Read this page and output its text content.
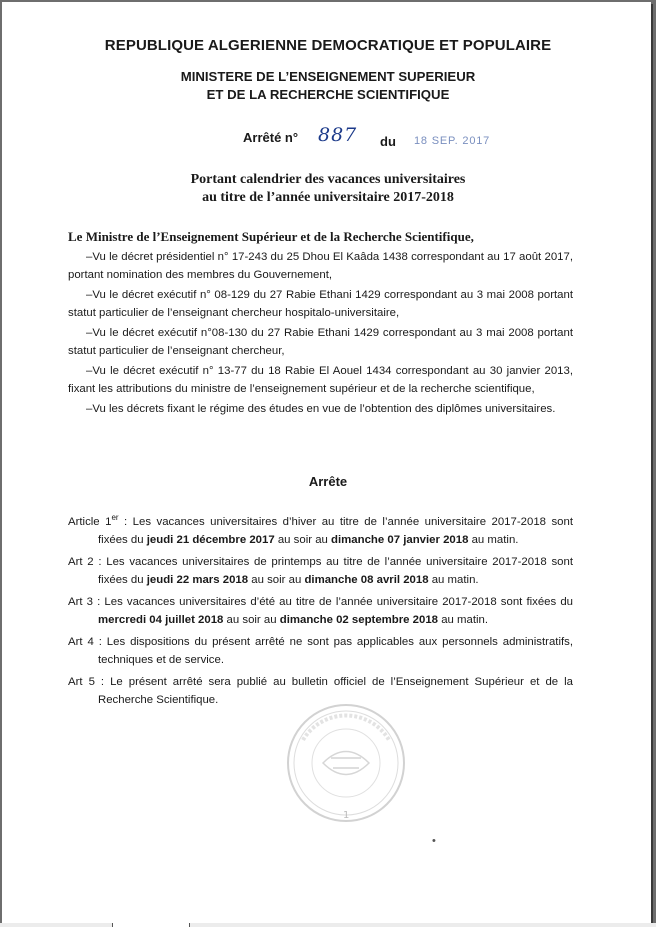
REPUBLIQUE ALGERIENNE DEMOCRATIQUE ET POPULAIRE
MINISTERE DE L’ENSEIGNEMENT SUPERIEUR
ET DE LA RECHERCHE SCIENTIFIQUE
Arrêté n° 887 du 18 SEP. 2017
Portant calendrier des vacances universitaires
au titre de l’année universitaire 2017-2018
Le Ministre de l’Enseignement Supérieur et de la Recherche Scientifique,

–Vu le décret présidentiel n° 17-243 du 25 Dhou El Kaâda 1438 correspondant au 17 août 2017, portant nomination des membres du Gouvernement,

–Vu le décret exécutif n° 08-129 du 27 Rabie Ethani 1429 correspondant au 3 mai 2008 portant statut particulier de l’enseignant chercheur hospitalo-universitaire,

–Vu le décret exécutif n°08-130 du 27 Rabie Ethani 1429 correspondant au 3 mai 2008 portant statut particulier de l’enseignant chercheur,

–Vu le décret exécutif n° 13-77 du 18 Rabie El Aouel 1434 correspondant au 30 janvier 2013, fixant les attributions du ministre de l’enseignement supérieur et de la recherche scientifique,

–Vu les décrets fixant le régime des études en vue de l’obtention des diplômes universitaires.

Arrête

Article 1er : Les vacances universitaires d’hiver au titre de l’année universitaire 2017-2018 sont fixées du jeudi 21 décembre 2017 au soir au dimanche 07 janvier 2018 au matin.

Art 2 : Les vacances universitaires de printemps au titre de l’année universitaire 2017-2018 sont fixées du jeudi 22 mars 2018 au soir au dimanche 08 avril 2018 au matin.

Art 3 : Les vacances universitaires d’été au titre de l’année universitaire 2017-2018 sont fixées du mercredi 04 juillet 2018 au soir au dimanche 02 septembre 2018 au matin.

Art 4 : Les dispositions du présent arrêté ne sont pas applicables aux personnels administratifs, techniques et de service.

Art 5 : Le présent arrêté sera publié au bulletin officiel de l’Enseignement Supérieur et de la Recherche Scientifique.

1
•
